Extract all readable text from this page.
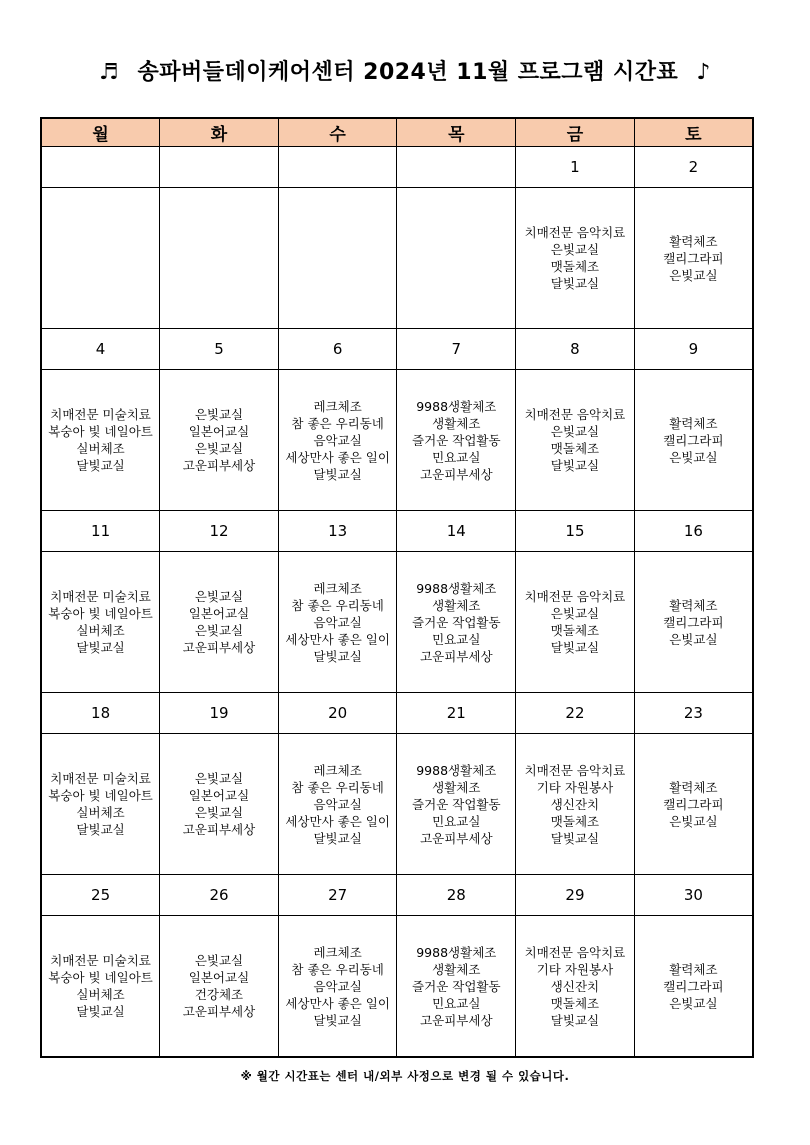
♬ 송파버들데이케어센터 2024년 11월 프로그램 시간표 ♪
월	화	수	목	금	토
				1	2

				치매전문 음악치료
은빛교실
맷돌체조
달빛교실	활력체조
캘리그라피
은빛교실

4	5	6	7	8	9

치매전문 미술치료
복숭아 빛 네일아트
실버체조
달빛교실	은빛교실
일본어교실
은빛교실
고운피부세상	레크체조
참 좋은 우리동네
음악교실
세상만사 좋은 일이
달빛교실	9988생활체조
생활체조
즐거운 작업활동
민요교실
고운피부세상	치매전문 음악치료
은빛교실
맷돌체조
달빛교실	활력체조
캘리그라피
은빛교실

11	12	13	14	15	16

치매전문 미술치료
복숭아 빛 네일아트
실버체조
달빛교실	은빛교실
일본어교실
은빛교실
고운피부세상	레크체조
참 좋은 우리동네
음악교실
세상만사 좋은 일이
달빛교실	9988생활체조
생활체조
즐거운 작업활동
민요교실
고운피부세상	치매전문 음악치료
은빛교실
맷돌체조
달빛교실	활력체조
캘리그라피
은빛교실

18	19	20	21	22	23

치매전문 미술치료
복숭아 빛 네일아트
실버체조
달빛교실	은빛교실
일본어교실
은빛교실
고운피부세상	레크체조
참 좋은 우리동네
음악교실
세상만사 좋은 일이
달빛교실	9988생활체조
생활체조
즐거운 작업활동
민요교실
고운피부세상	치매전문 음악치료
기타 자원봉사
생신잔치
맷돌체조
달빛교실	활력체조
캘리그라피
은빛교실

25	26	27	28	29	30

치매전문 미술치료
복숭아 빛 네일아트
실버체조
달빛교실	은빛교실
일본어교실
건강체조
고운피부세상	레크체조
참 좋은 우리동네
음악교실
세상만사 좋은 일이
달빛교실	9988생활체조
생활체조
즐거운 작업활동
민요교실
고운피부세상	치매전문 음악치료
기타 자원봉사
생신잔치
맷돌체조
달빛교실	활력체조
캘리그라피
은빛교실
※ 월간 시간표는 센터 내/외부 사정으로 변경 될 수 있습니다.
